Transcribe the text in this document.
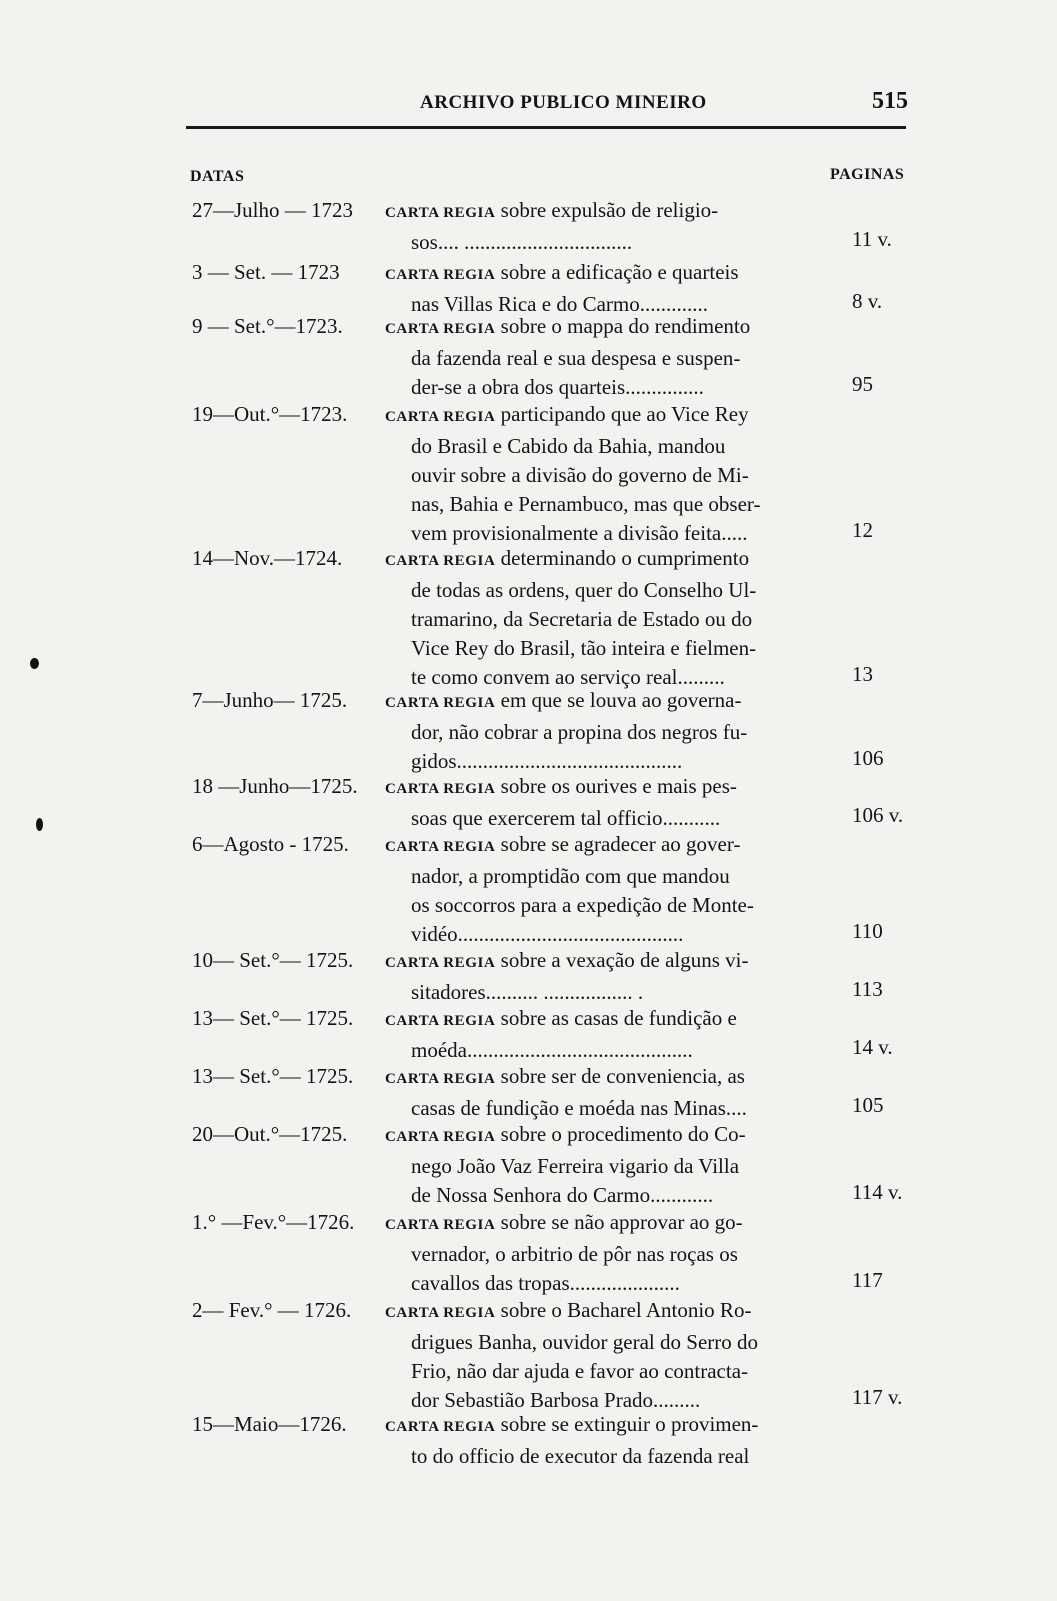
ARCHIVO PUBLICO MINEIRO	515
DATAS	PAGINAS
27—Julho — 1723	CARTA REGIA sobre expulsão de religio-
sos.... ................................	11 v.
3 — Set. — 1723	CARTA REGIA sobre a edificação e quarteis
nas Villas Rica e do Carmo.............	8 v.
9 — Set.°—1723.	CARTA REGIA sobre o mappa do rendimento
da fazenda real e sua despesa e suspen-
der-se a obra dos quarteis...............	95
19—Out.°—1723.	CARTA REGIA participando que ao Vice Rey
do Brasil e Cabido da Bahia, mandou
ouvir sobre a divisão do governo de Mi-
nas, Bahia e Pernambuco, mas que obser-
vem provisionalmente a divisão feita.....	12
14—Nov.—1724.	CARTA REGIA determinando o cumprimento
de todas as ordens, quer do Conselho Ul-
tramarino, da Secretaria de Estado ou do
Vice Rey do Brasil, tão inteira e fielmen-
te como convem ao serviço real.........	13
7—Junho— 1725.	CARTA REGIA em que se louva ao governa-
dor, não cobrar a propina dos negros fu-
gidos...........................................	106
18 —Junho—1725.	CARTA REGIA sobre os ourives e mais pes-
soas que exercerem tal officio...........	106 v.
6—Agosto - 1725.	CARTA REGIA sobre se agradecer ao gover-
nador, a promptidão com que mandou
os soccorros para a expedição de Monte-
vidéo...........................................	110
10— Set.°— 1725.	CARTA REGIA sobre a vexação de alguns vi-
sitadores.......... ................. .	113
13— Set.°— 1725.	CARTA REGIA sobre as casas de fundição e
moéda...........................................	14 v.
13— Set.°— 1725.	CARTA REGIA sobre ser de conveniencia, as
casas de fundição e moéda nas Minas....	105
20—Out.°—1725.	CARTA REGIA sobre o procedimento do Co-
nego João Vaz Ferreira vigario da Villa
de Nossa Senhora do Carmo............	114 v.
1.° —Fev.°—1726.	CARTA REGIA sobre se não approvar ao go-
vernador, o arbitrio de pôr nas roças os
cavallos das tropas.....................	117
2— Fev.° — 1726.	CARTA REGIA sobre o Bacharel Antonio Ro-
drigues Banha, ouvidor geral do Serro do
Frio, não dar ajuda e favor ao contracta-
dor Sebastião Barbosa Prado.........	117 v.
15—Maio—1726.	CARTA REGIA sobre se extinguir o provimen-
to do officio de executor da fazenda real
